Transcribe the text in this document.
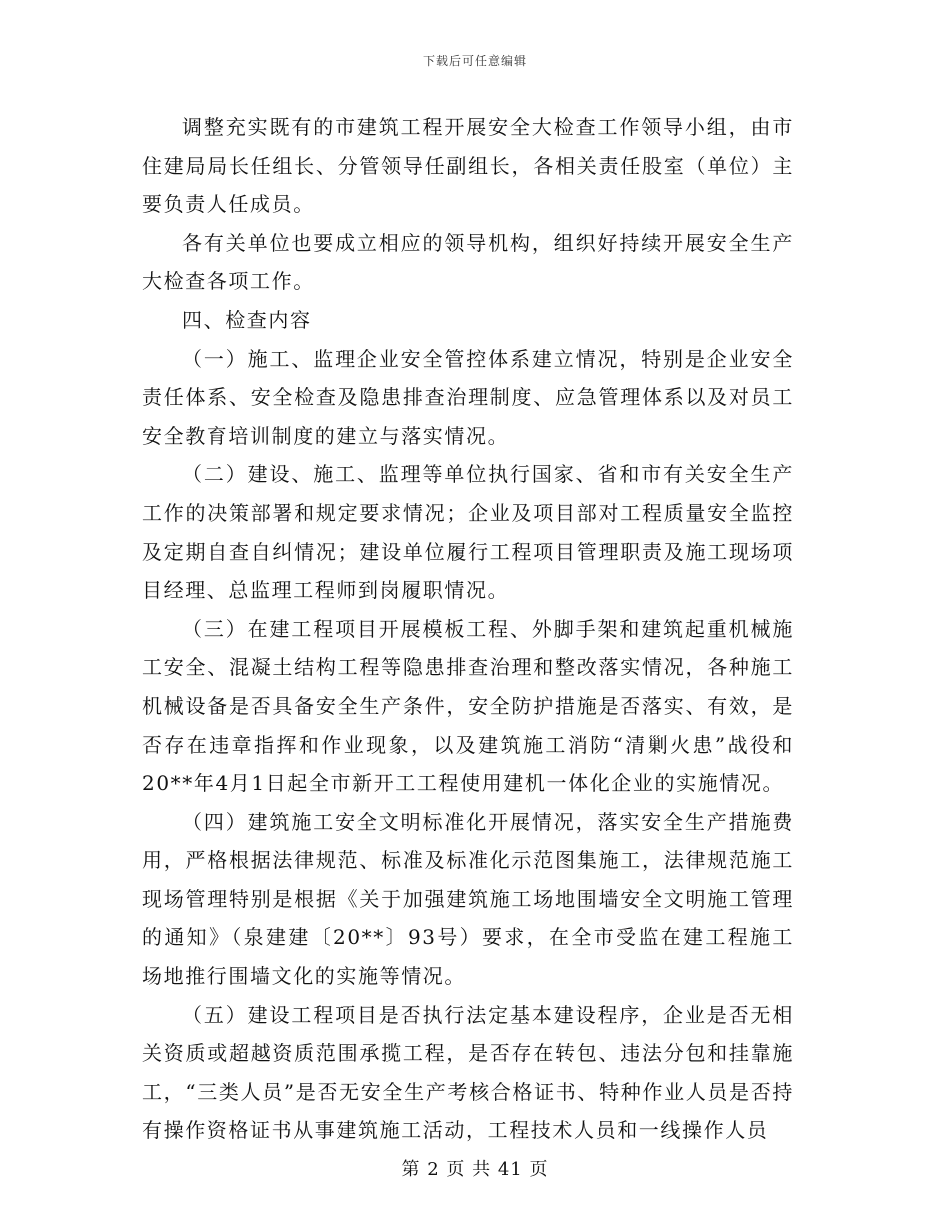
下载后可任意编辑

调整充实既有的市建筑工程开展安全大检查工作领导小组，由市住建局局长任组长、分管领导任副组长，各相关责任股室（单位）主要负责人任成员。

各有关单位也要成立相应的领导机构，组织好持续开展安全生产大检查各项工作。

四、检查内容

（一）施工、监理企业安全管控体系建立情况，特别是企业安全责任体系、安全检查及隐患排查治理制度、应急管理体系以及对员工安全教育培训制度的建立与落实情况。

（二）建设、施工、监理等单位执行国家、省和市有关安全生产工作的决策部署和规定要求情况；企业及项目部对工程质量安全监控及定期自查自纠情况；建设单位履行工程项目管理职责及施工现场项目经理、总监理工程师到岗履职情况。

（三）在建工程项目开展模板工程、外脚手架和建筑起重机械施工安全、混凝土结构工程等隐患排查治理和整改落实情况，各种施工机械设备是否具备安全生产条件，安全防护措施是否落实、有效，是否存在违章指挥和作业现象，以及建筑施工消防“清剿火患”战役和20**年4月1日起全市新开工工程使用建机一体化企业的实施情况。

（四）建筑施工安全文明标准化开展情况，落实安全生产措施费用，严格根据法律规范、标准及标准化示范图集施工，法律规范施工现场管理特别是根据《关于加强建筑施工场地围墙安全文明施工管理的通知》（泉建建〔20**〕93号）要求，在全市受监在建工程施工场地推行围墙文化的实施等情况。

（五）建设工程项目是否执行法定基本建设程序，企业是否无相关资质或超越资质范围承揽工程，是否存在转包、违法分包和挂靠施工，“三类人员”是否无安全生产考核合格证书、特种作业人员是否持有操作资格证书从事建筑施工活动，工程技术人员和一线操作人员

第 2 页 共 41 页
